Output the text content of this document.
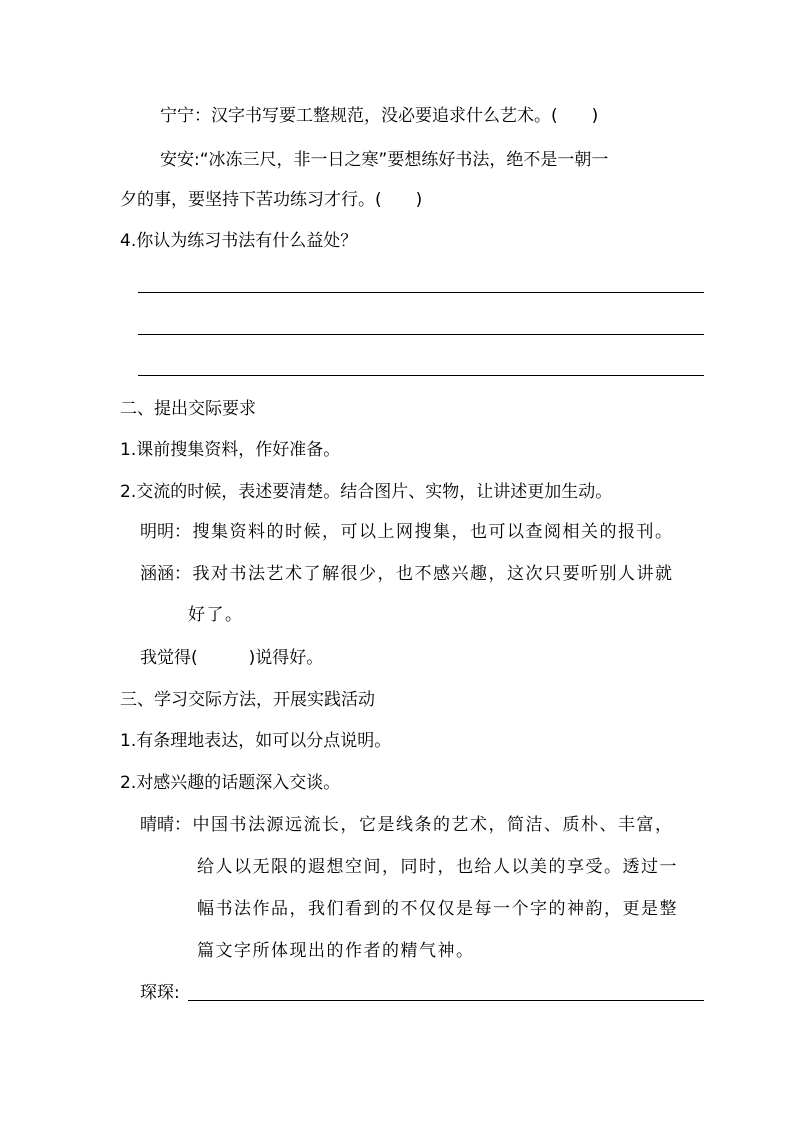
宁宁：汉字书写要工整规范，没必要追求什么艺术。(　　)
安安:“冰冻三尺，非一日之寒”要想练好书法，绝不是一朝一
夕的事，要坚持下苦功练习才行。(　　)
4.你认为练习书法有什么益处？
二、提出交际要求
1.课前搜集资料，作好准备。
2.交流的时候，表述要清楚。结合图片、实物，让讲述更加生动。
明明：搜集资料的时候，可以上网搜集，也可以查阅相关的报刊。
涵涵：我对书法艺术了解很少，也不感兴趣，这次只要听别人讲就
好了。
我觉得(　　　)说得好。
三、学习交际方法，开展实践活动
1.有条理地表达，如可以分点说明。
2.对感兴趣的话题深入交谈。
晴晴：中国书法源远流长，它是线条的艺术，简洁、质朴、丰富，
给人以无限的遐想空间，同时，也给人以美的享受。透过一
幅书法作品，我们看到的不仅仅是每一个字的神韵，更是整
篇文字所体现出的作者的精气神。
琛琛:
